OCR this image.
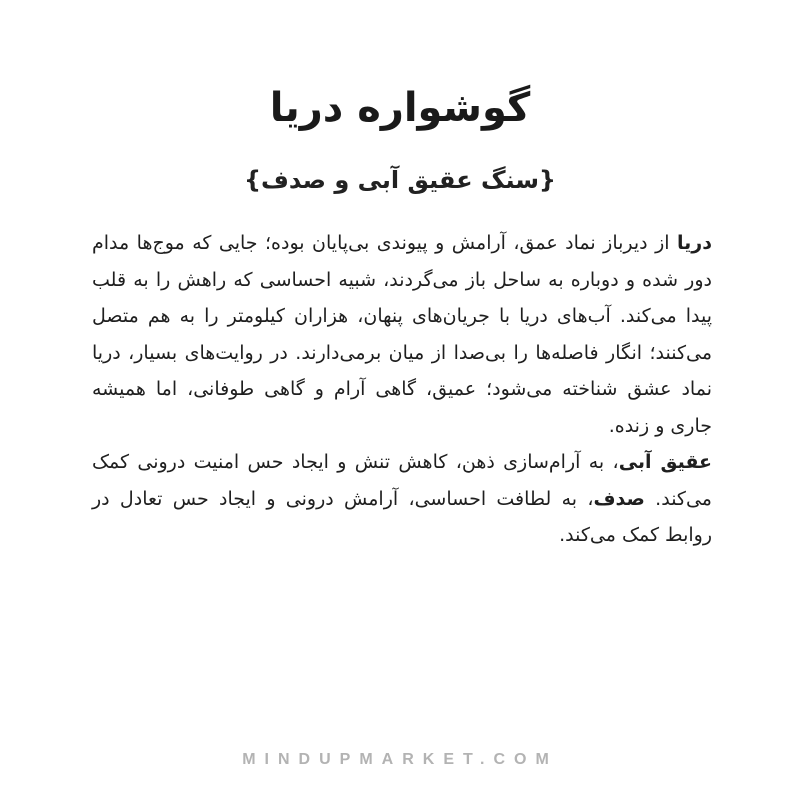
گوشواره دریا
{سنگ عقیق آبی و صدف}

دریا از دیرباز نماد عمق، آرامش و پیوندی بی‌پایان بوده؛ جایی که موج‌ها مدام دور شده و دوباره به ساحل باز می‌گردند، شبیه احساسی که راهش را به قلب پیدا می‌کند. آب‌های دریا با جریان‌های پنهان، هزاران کیلومتر را به هم متصل می‌کنند؛ انگار فاصله‌ها را بی‌صدا از میان برمی‌دارند. در روایت‌های بسیار، دریا نماد عشق شناخته می‌شود؛ عمیق، گاهی آرام و گاهی طوفانی، اما همیشه جاری و زنده.

عقیق آبی، به آرام‌سازی ذهن، کاهش تنش و ایجاد حس امنیت درونی کمک می‌کند. صدف، به لطافت احساسی، آرامش درونی و ایجاد حس تعادل در روابط کمک می‌کند.

MINDUPMARKET.COM
